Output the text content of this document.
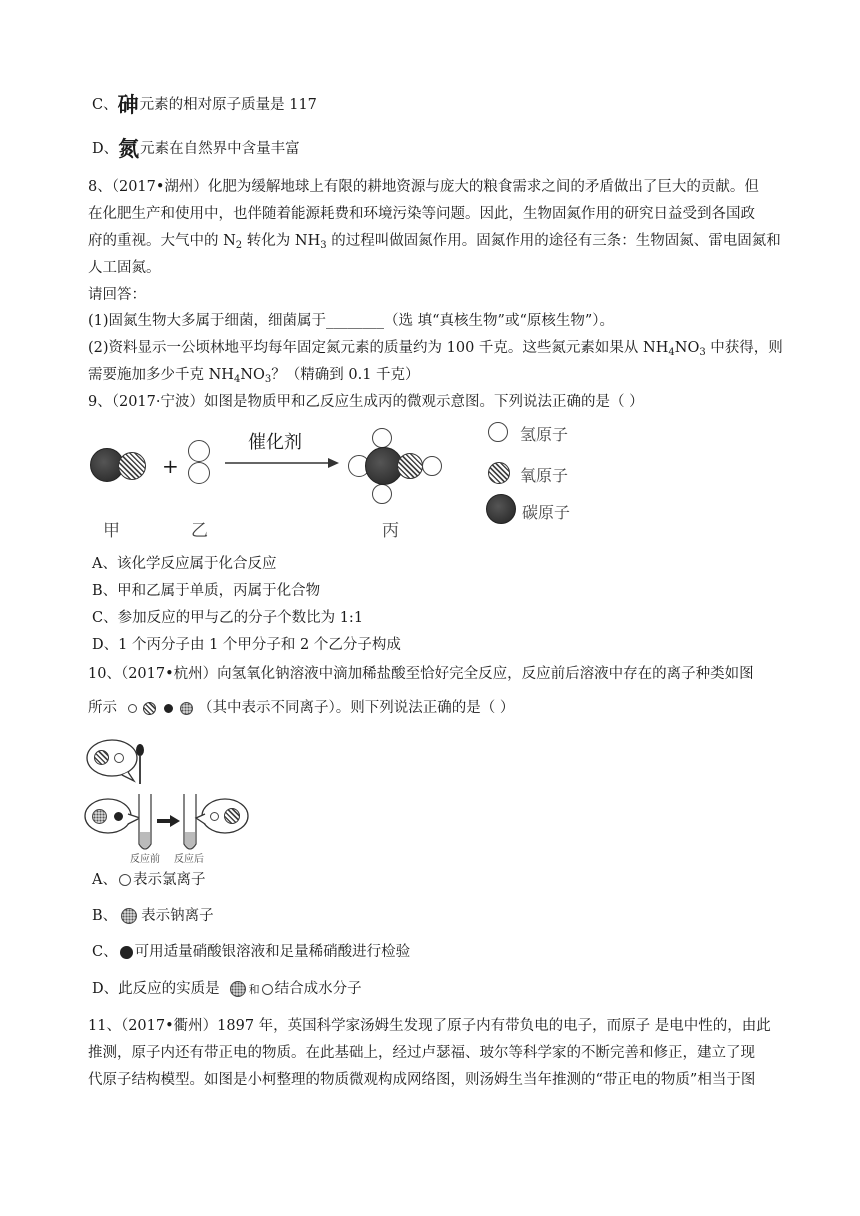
C、砷元素的相对原子质量是 117
D、氮元素在自然界中含量丰富
8、（2017•湖州）化肥为缓解地球上有限的耕地资源与庞大的粮食需求之间的矛盾做出了巨大的贡献。但
在化肥生产和使用中，也伴随着能源耗费和环境污染等问题。因此，生物固氮作用的研究日益受到各国政
府的重视。大气中的 $N_2$ 转化为 $NH_3$ 的过程叫做固氮作用。固氮作用的途径有三条：生物固氮、雷电固氮和
人工固氮。
请回答：
(1)固氮生物大多属于细菌，细菌属于________（选 填“真核生物”或“原核生物”）。
(2)资料显示一公顷林地平均每年固定氮元素的质量约为 100 千克。这些氮元素如果从 $NH_4NO_3$ 中获得，则
需要施加多少千克 $NH_4NO_3$？（精确到 0.1 千克）
9、（2017·宁波）如图是物质甲和乙反应生成丙的微观示意图。下列说法正确的是（ ）
+
催化剂
甲	乙	丙
氢原子
氧原子
碳原子
A、该化学反应属于化合反应
B、甲和乙属于单质，丙属于化合物
C、参加反应的甲与乙的分子个数比为 1:1
D、1 个丙分子由 1 个甲分子和 2 个乙分子构成
10、（2017•杭州）向氢氧化钠溶液中滴加稀盐酸至恰好完全反应，反应前后溶液中存在的离子种类如图
所示	（其中表示不同离子）。则下列说法正确的是（ ）
反应前 反应后
A、 表示氯离子
B、 表示钠离子
C、 可用适量硝酸银溶液和足量稀硝酸进行检验
D、此反应的实质是	和 结合成水分子
11、（2017•衢州）1897 年，英国科学家汤姆生发现了原子内有带负电的电子，而原子 是电中性的，由此
推测，原子内还有带正电的物质。在此基础上，经过卢瑟福、玻尔等科学家的不断完善和修正，建立了现
代原子结构模型。如图是小柯整理的物质微观构成网络图，则汤姆生当年推测的“带正电的物质”相当于图
